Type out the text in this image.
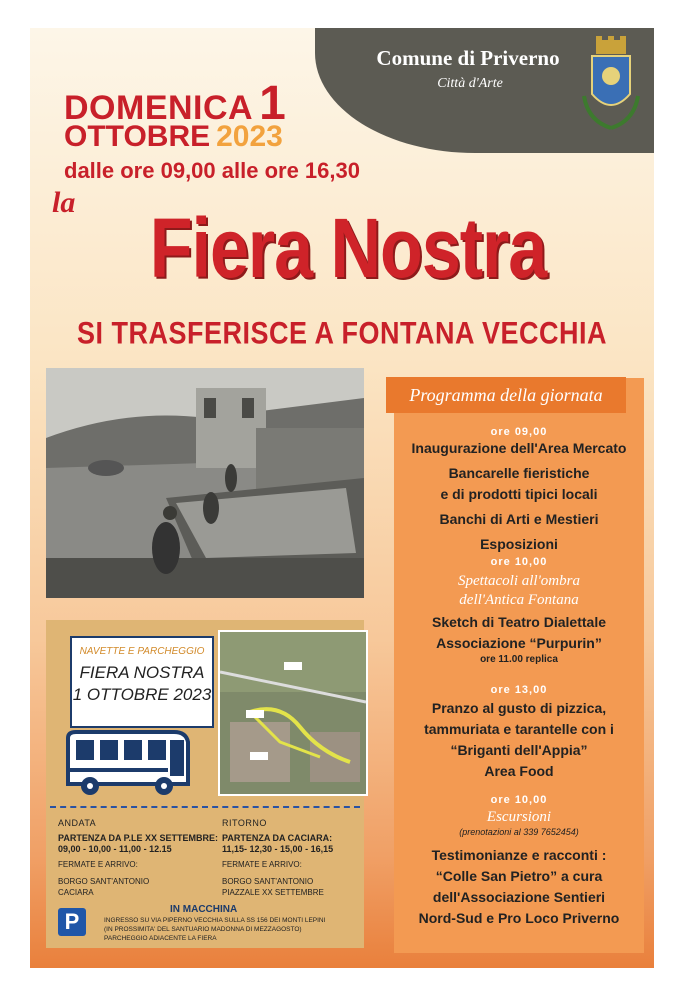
Comune di Priverno
Città d'Arte
DOMENICA 1
OTTOBRE 2023
dalle ore 09,00 alle ore 16,30
la	Fiera Nostra
SI TRASFERISCE A FONTANA VECCHIA
Programma della giornata
ore 09,00
Inaugurazione dell'Area Mercato
Bancarelle fieristiche
e di prodotti tipici locali
Banchi di Arti e Mestieri
Esposizioni
ore 10,00
Spettacoli all'ombra
dell'Antica Fontana
Sketch di Teatro Dialettale
Associazione “Purpurin”
ore 11.00 replica
ore 13,00
Pranzo al gusto di pizzica,
tammuriata e tarantelle con i
“Briganti dell'Appia”
Area Food
ore 10,00
Escursioni
(prenotazioni al 339 7652454)
Testimonianze e racconti :
“Colle San Pietro” a cura
dell'Associazione Sentieri
Nord-Sud e Pro Loco Priverno
NAVETTE E PARCHEGGIO
FIERA NOSTRA
1 OTTOBRE 2023
ANDATA
PARTENZA DA P.LE XX SETTEMBRE:
09,00 - 10,00 - 11,00 - 12.15
FERMATE E ARRIVO:
BORGO SANT'ANTONIO
CACIARA
RITORNO
PARTENZA DA CACIARA:
11,15- 12,30 - 15,00 - 16,15
FERMATE E ARRIVO:
BORGO SANT'ANTONIO
PIAZZALE XX SETTEMBRE
IN MACCHINA
P	INGRESSO SU VIA PIPERNO VECCHIA SULLA SS 156 DEI MONTI LEPINI
(IN PROSSIMITA' DEL SANTUARIO MADONNA DI MEZZAGOSTO)
PARCHEGGIO ADIACENTE LA FIERA
